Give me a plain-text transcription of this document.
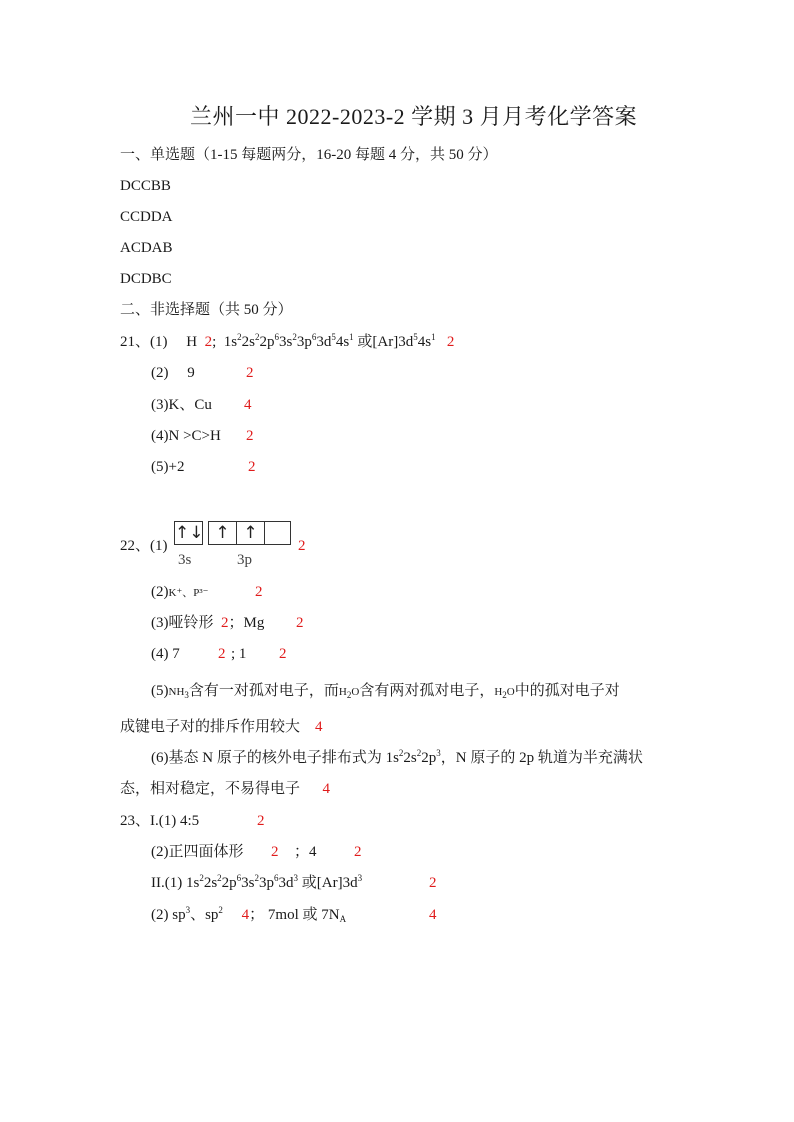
兰州一中 2022-2023-2 学期 3 月月考化学答案
一、单选题（1-15 每题两分，16-20 每题 4 分，共 50 分）
DCCBB
CCDDA
ACDAB
DCDBC
二、非选择题（共 50 分）
21、(1) H 2; $1s^22s^22p^63s^23p^63d^54s^1$ 或$[Ar]3d^54s^1$ 2
(2) 9	2
(3)K、Cu 4
(4)N >C>H 2
(5)+2	2
22、(1)
↑↓ ↑ ↑
3s	3p
2
(2)K⁺、P³⁻	2
(3)哑铃形 2；Mg 2
(4) 7	2 ; 1 2
$(5)NH_3$含有一对孤对电子，而$H_2O$含有两对孤对电子，$H_2O$中的孤对电子对
成键电子对的排斥作用较大 4
(6)基态 N 原子的核外电子排布式为 $1s^22s^22p^3$，N 原子的 2p 轨道为半充满状
态，相对稳定，不易得电子 4
23、I.(1) 4:5	2
(2)正四面体形 2 ；4 2
II.(1) $1s^22s^22p^63s^23p^63d^3$ 或$[Ar]3d^3$	2
(2) $sp^3$、$sp^2$ 4； 7mol 或 $7N_A$	4
